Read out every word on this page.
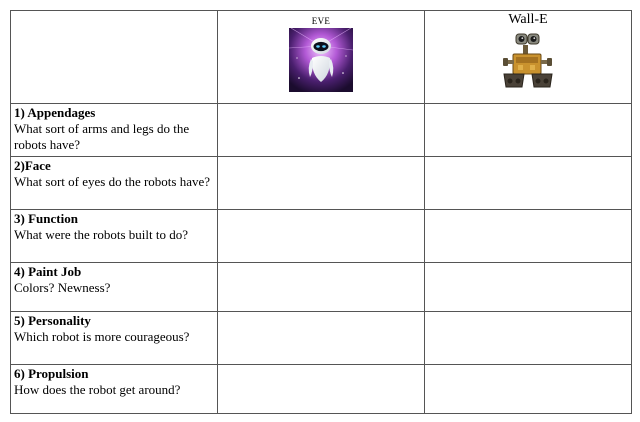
	EVE	Wall-E

1) Appendages
What sort of arms and legs do the robots have?		

2)Face
What sort of eyes do the robots have?		

3) Function
What were the robots built to do?		

4) Paint Job
Colors? Newness?		

5) Personality
Which robot is more courageous?		

6) Propulsion
How does the robot get around?		
